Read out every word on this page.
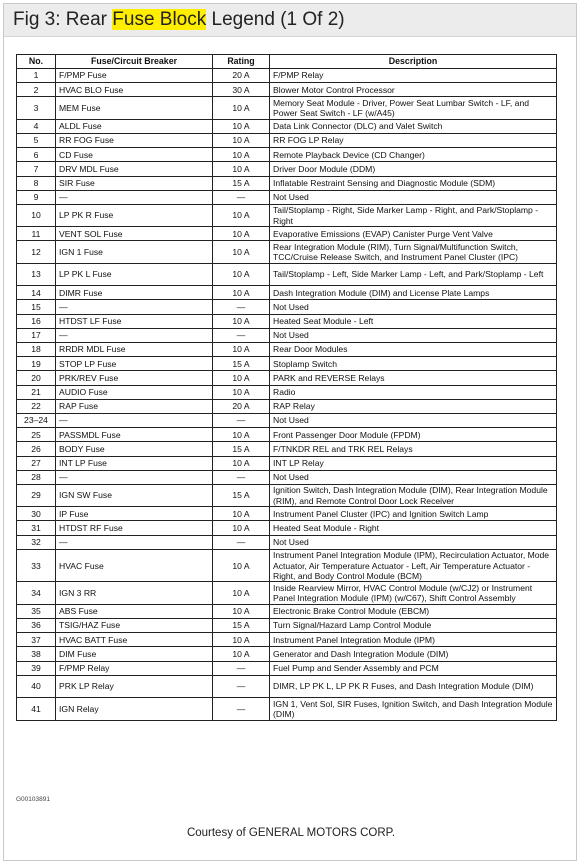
Fig 3: Rear Fuse Block Legend (1 Of 2)
No.	Fuse/Circuit Breaker	Rating	Description
1	F/PMP Fuse	20 A	F/PMP Relay
2	HVAC BLO Fuse	30 A	Blower Motor Control Processor
3	MEM Fuse	10 A	Memory Seat Module - Driver, Power Seat Lumbar Switch - LF, and Power Seat Switch - LF (w/A45)
4	ALDL Fuse	10 A	Data Link Connector (DLC) and Valet Switch
5	RR FOG Fuse	10 A	RR FOG LP Relay
6	CD Fuse	10 A	Remote Playback Device (CD Changer)
7	DRV MDL Fuse	10 A	Driver Door Module (DDM)
8	SIR Fuse	15 A	Inflatable Restraint Sensing and Diagnostic Module (SDM)
9	—	—	Not Used
10	LP PK R Fuse	10 A	Tail/Stoplamp - Right, Side Marker Lamp - Right, and Park/Stoplamp - Right
11	VENT SOL Fuse	10 A	Evaporative Emissions (EVAP) Canister Purge Vent Valve
12	IGN 1 Fuse	10 A	Rear Integration Module (RIM), Turn Signal/Multifunction Switch, TCC/Cruise Release Switch, and Instrument Panel Cluster (IPC)
13	LP PK L Fuse	10 A	Tail/Stoplamp - Left, Side Marker Lamp - Left, and Park/Stoplamp - Left
14	DIMR Fuse	10 A	Dash Integration Module (DIM) and License Plate Lamps
15	—	—	Not Used
16	HTDST LF Fuse	10 A	Heated Seat Module - Left
17	—	—	Not Used
18	RRDR MDL Fuse	10 A	Rear Door Modules
19	STOP LP Fuse	15 A	Stoplamp Switch
20	PRK/REV Fuse	10 A	PARK and REVERSE Relays
21	AUDIO Fuse	10 A	Radio
22	RAP Fuse	20 A	RAP Relay
23–24	—	—	Not Used
25	PASSMDL Fuse	10 A	Front Passenger Door Module (FPDM)
26	BODY Fuse	15 A	F/TNKDR REL and TRK REL Relays
27	INT LP Fuse	10 A	INT LP Relay
28	—	—	Not Used
29	IGN SW Fuse	15 A	Ignition Switch, Dash Integration Module (DIM), Rear Integration Module (RIM), and Remote Control Door Lock Receiver
30	IP Fuse	10 A	Instrument Panel Cluster (IPC) and Ignition Switch Lamp
31	HTDST RF Fuse	10 A	Heated Seat Module - Right
32	—	—	Not Used
33	HVAC Fuse	10 A	Instrument Panel Integration Module (IPM), Recirculation Actuator, Mode Actuator, Air Temperature Actuator - Left, Air Temperature Actuator - Right, and Body Control Module (BCM)
34	IGN 3 RR	10 A	Inside Rearview Mirror, HVAC Control Module (w/CJ2) or Instrument Panel Integration Module (IPM) (w/C67), Shift Control Assembly
35	ABS Fuse	10 A	Electronic Brake Control Module (EBCM)
36	TSIG/HAZ Fuse	15 A	Turn Signal/Hazard Lamp Control Module
37	HVAC BATT Fuse	10 A	Instrument Panel Integration Module (IPM)
38	DIM Fuse	10 A	Generator and Dash Integration Module (DIM)
39	F/PMP Relay	—	Fuel Pump and Sender Assembly and PCM
40	PRK LP Relay	—	DIMR, LP PK L, LP PK R Fuses, and Dash Integration Module (DIM)
41	IGN Relay	—	IGN 1, Vent Sol, SIR Fuses, Ignition Switch, and Dash Integration Module (DIM)
G00103891
Courtesy of GENERAL MOTORS CORP.
